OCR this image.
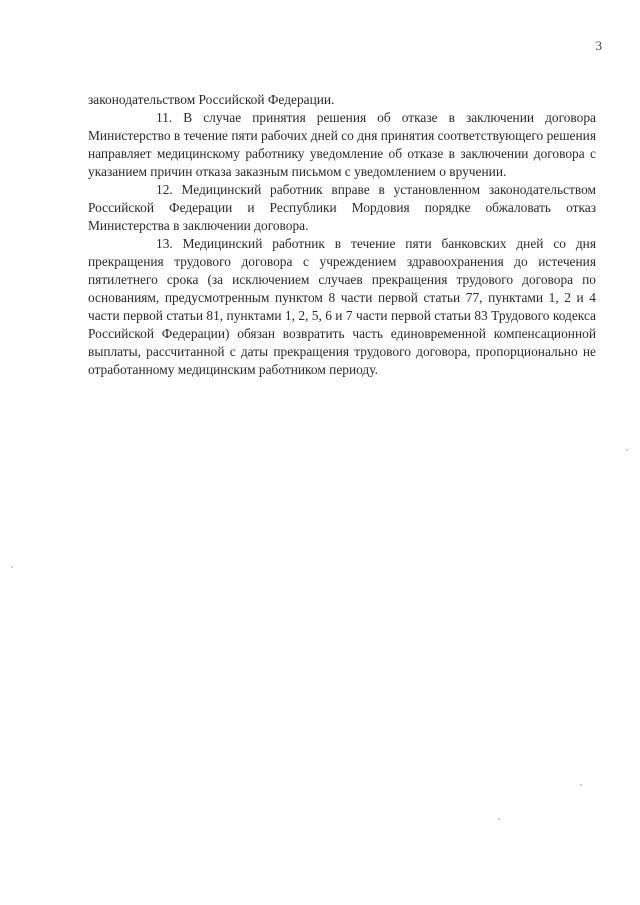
3

законодательством Российской Федерации.

11. В случае принятия решения об отказе в заключении договора Министерство в течение пяти рабочих дней со дня принятия соответствующего решения направляет медицинскому работнику уведомление об отказе в заключении договора с указанием причин отказа заказным письмом с уведомлением о вручении.

12. Медицинский работник вправе в установленном законодательством Российской Федерации и Республики Мордовия порядке обжаловать отказ Министерства в заключении договора.

13. Медицинский работник в течение пяти банковских дней со дня прекращения трудового договора с учреждением здравоохранения до истечения пятилетнего срока (за исключением случаев прекращения трудового договора по основаниям, предусмотренным пунктом 8 части первой статьи 77, пунктами 1, 2 и 4 части первой статьи 81, пунктами 1, 2, 5, 6 и 7 части первой статьи 83 Трудового кодекса Российской Федерации) обязан возвратить часть единовременной компенсационной выплаты, рассчитанной с даты прекращения трудового договора, пропорционально не отработанному медицинским работником периоду.
